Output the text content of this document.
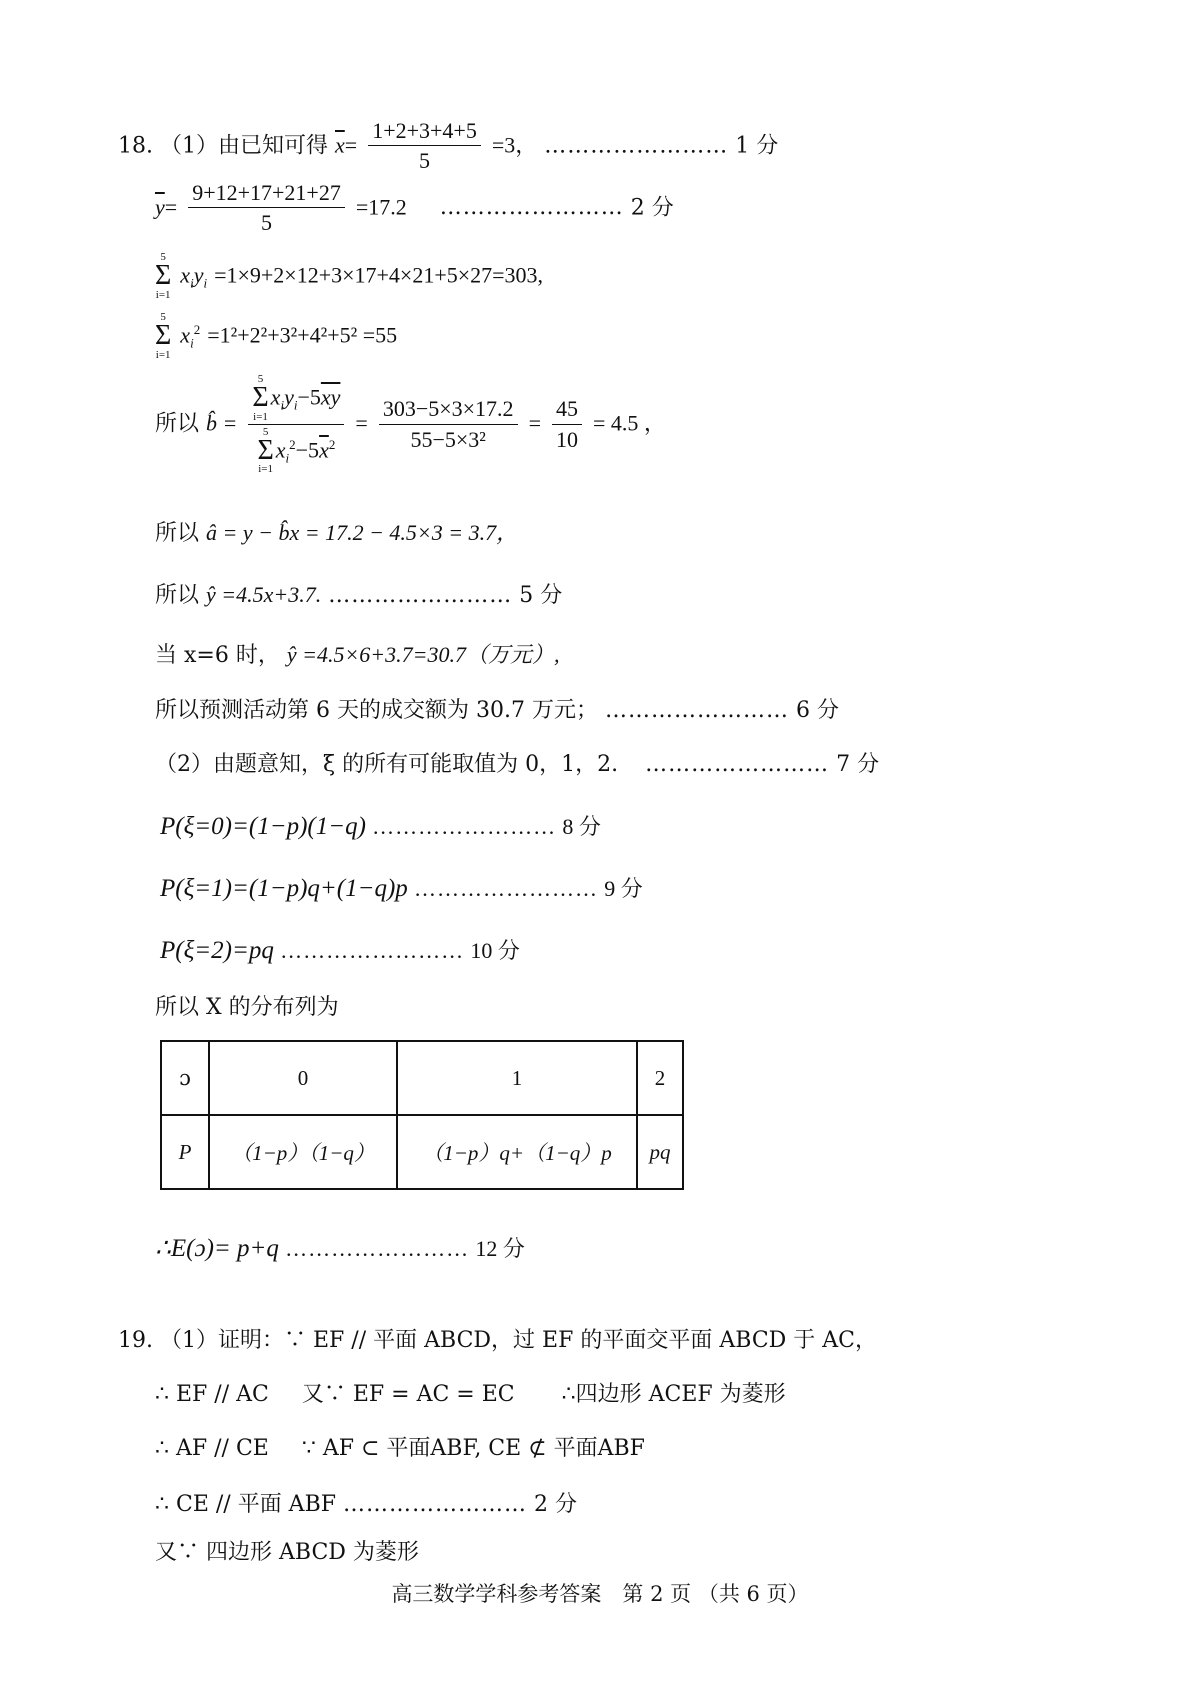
18. （1）由已知可得 $\overline{x}= \frac{1+2+3+4+5}{5} =3$， …………………… 1 分
$\overline{y}= \frac{9+12+17+21+27}{5} =17.2$ …………………… 2 分
5
Σ
i=1 $x_iy_i =1\times 9+2\times 12+3\times 17+4\times 21+5\times 27=303$,
5
Σ
i=1 $x_i^2 =1^2+2^2+3^2+4^2+5^2 =55$
所以 b̂ = 5
Σ
$i=1x_iy_i-5\overline{xy}$
5
Σ
$i=1x_i^2-5\overline{x}^2 = \frac{303-5\times 3\times 17.2}{\text{55−5×3²}} = \frac{45}{10} = 4.5$ ，
所以 â = y − b̂x = 17.2 − 4.5×3 = 3.7，
所以 ŷ =4.5x+3.7. …………………… 5 分
当 x=6 时， ŷ =4.5×6+3.7=30.7（万元）,
所以预测活动第 6 天的成交额为 30.7 万元； …………………… 6 分
（2）由题意知，ξ 的所有可能取值为 0，1，2. …………………… 7 分
P(ξ=0)=(1−p)(1−q) …………………… 8 分
P(ξ=1)=(1−p)q+(1−q)p …………………… 9 分
P(ξ=2)=pq …………………… 10 分
所以 X 的分布列为
ɔ	0	1	2
P	（1−p）（1−q）	（1−p）q+（1−q）p	pq
∴E(ɔ)= p+q …………………… 12 分
19. （1）证明：∵ EF // 平面 ABCD，过 EF 的平面交平面 ABCD 于 AC，
∴ EF // AC 又∵ EF = AC = EC ∴四边形 ACEF 为菱形
∴ AF // CE ∵ AF ⊂ 平面ABF, CE ⊄ 平面ABF
∴ CE // 平面 ABF …………………… 2 分
又∵ 四边形 ABCD 为菱形
高三数学学科参考答案　第 2 页 （共 6 页）
